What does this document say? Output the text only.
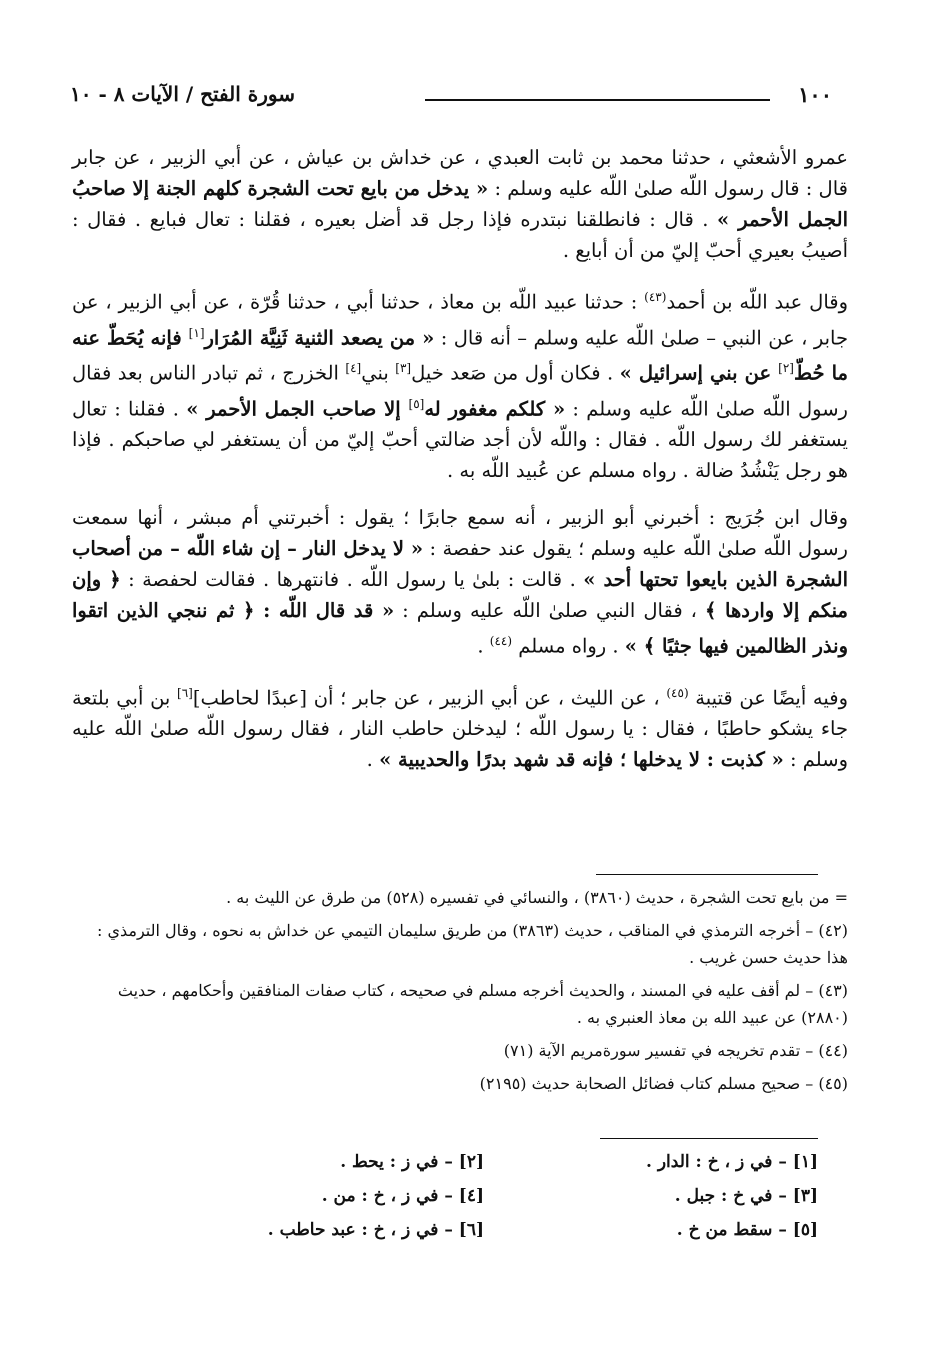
١٠٠
سورة الفتح / الآيات ٨ - ١٠

عمرو الأشعثي ، حدثنا محمد بن ثابت العبدي ، عن خداش بن عياش ، عن أبي الزبير ، عن جابر قال : قال رسول اللّه صلىٰ اللّه عليه وسلم : « يدخل من بايع تحت الشجرة كلهم الجنة إلا صاحبُ الجمل الأحمر » . قال : فانطلقنا نبتدره فإذا رجل قد أضل بعيره ، فقلنا : تعال فبايع . فقال : أصيبُ بعيري أحبّ إليّ من أن أبايع .

وقال عبد اللّه بن أحمد$^{(٤٣)}$ : حدثنا عبيد اللّه بن معاذ ، حدثنا أبي ، حدثنا قُرّة ، عن أبي الزبير ، عن جابر ، عن النبي – صلىٰ اللّه عليه وسلم – أنه قال : « من يصعد الثنية ثَنِيَّة المُرَار[١] فإنه يُحَطّ عنه ما حُطّ[٢] عن بني إسرائيل » . فكان أول من صَعد خيل[٣] بني[٤] الخزرج ، ثم تبادر الناس بعد فقال رسول اللّه صلىٰ اللّه عليه وسلم : « كلكم مغفور له[٥] إلا صاحب الجمل الأحمر » . فقلنا : تعال يستغفر لك رسول اللّه . فقال : واللّه لأن أجد ضالتي أحبّ إليّ من أن يستغفر لي صاحبكم . فإذا هو رجل يَنْشُدُ ضالة . رواه مسلم عن عُبيد اللّه به .

وقال ابن جُرَيج : أخبرني أبو الزبير ، أنه سمع جابرًا ؛ يقول : أخبرتني أم مبشر ، أنها سمعت رسول اللّه صلىٰ اللّه عليه وسلم ؛ يقول عند حفصة : « لا يدخل النار – إن شاء اللّه – من أصحاب الشجرة الذين بايعوا تحتها أحد » . قالت : بلىٰ يا رسول اللّه . فانتهرها . فقالت لحفصة : ﴿ وإن منكم إلا واردها ﴾ ، فقال النبي صلىٰ اللّه عليه وسلم : « قد قال اللّه : ﴿ ثم ننجي الذين اتقوا ونذر الظالمين فيها جثيًا ﴾ » . رواه مسلم $^{(٤٤)}$ .

وفيه أيضًا عن قتيبة $^{(٤٥)}$ ، عن الليث ، عن أبي الزبير ، عن جابر ؛ أن [عبدًا لحاطب][٦] بن أبي بلتعة جاء يشكو حاطبًا ، فقال : يا رسول اللّه ؛ ليدخلن حاطب النار ، فقال رسول اللّه صلىٰ اللّه عليه وسلم : « كذبت : لا يدخلها ؛ فإنه قد شهد بدرًا والحديبية » .

= من بايع تحت الشجرة ، حديث (٣٨٦٠) ، والنسائي في تفسيره (٥٢٨) من طرق عن الليث به .

(٤٢) – أخرجه الترمذي في المناقب ، حديث (٣٨٦٣) من طريق سليمان التيمي عن خداش به نحوه ، وقال الترمذي : هذا حديث حسن غريب .

(٤٣) – لم أقف عليه في المسند ، والحديث أخرجه مسلم في صحيحه ، كتاب صفات المنافقين وأحكامهم ، حديث (٢٨٨٠) عن عبيد الله بن معاذ العنبري به .

(٤٤) – تقدم تخريجه في تفسير سورةمريم الآية (٧١)

(٤٥) – صحيح مسلم كتاب فضائل الصحابة حديث (٢١٩٥)

[١] – في ز ، خ : الدار .
[٢] – في ز : يحط .
[٣] – في خ : جبل .
[٤] – في ز ، خ : من .
[٥] – سقط من خ .
[٦] – في ز ، خ : عبد حاطب .
